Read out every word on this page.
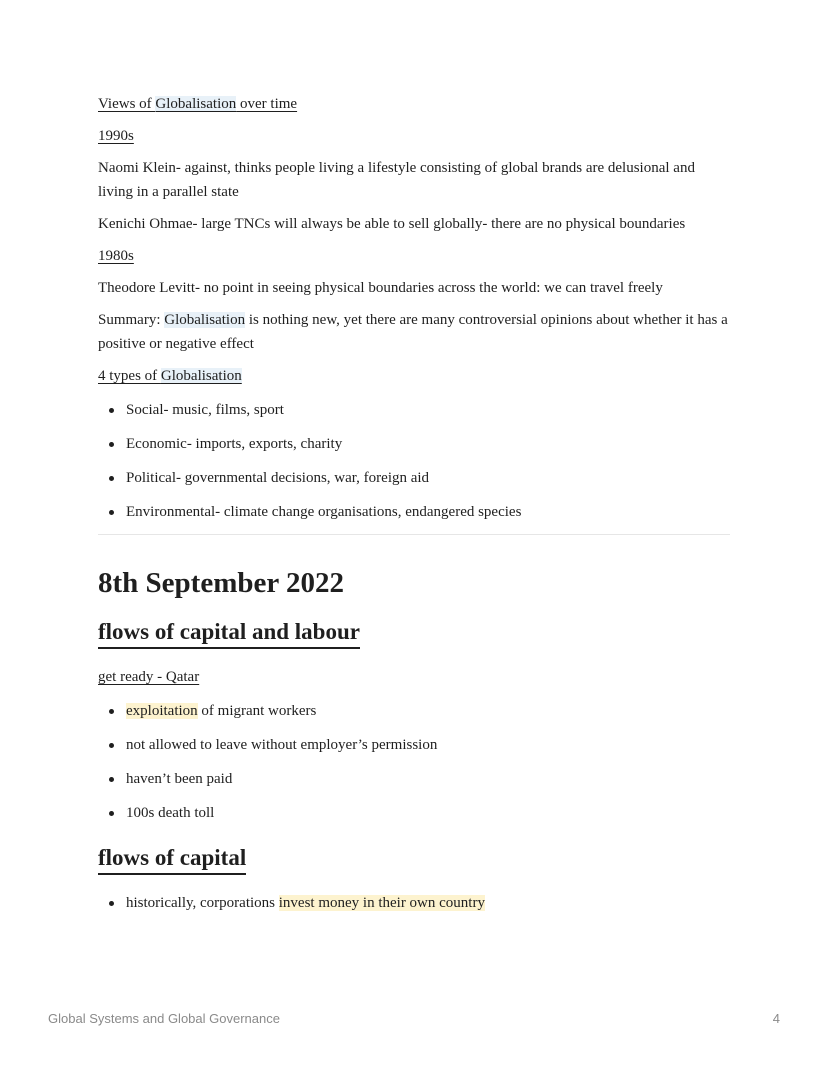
Views of Globalisation over time

1990s

Naomi Klein- against, thinks people living a lifestyle consisting of global brands are delusional and living in a parallel state

Kenichi Ohmae- large TNCs will always be able to sell globally- there are no physical boundaries

1980s

Theodore Levitt- no point in seeing physical boundaries across the world: we can travel freely

Summary: Globalisation is nothing new, yet there are many controversial opinions about whether it has a positive or negative effect

4 types of Globalisation

Social- music, films, sport
Economic- imports, exports, charity
Political- governmental decisions, war, foreign aid
Environmental- climate change organisations, endangered species
8th September 2022
flows of capital and labour

get ready - Qatar

exploitation of migrant workers
not allowed to leave without employer’s permission
haven’t been paid
100s death toll
flows of capital
historically, corporations invest money in their own country
Global Systems and Global Governance	4
